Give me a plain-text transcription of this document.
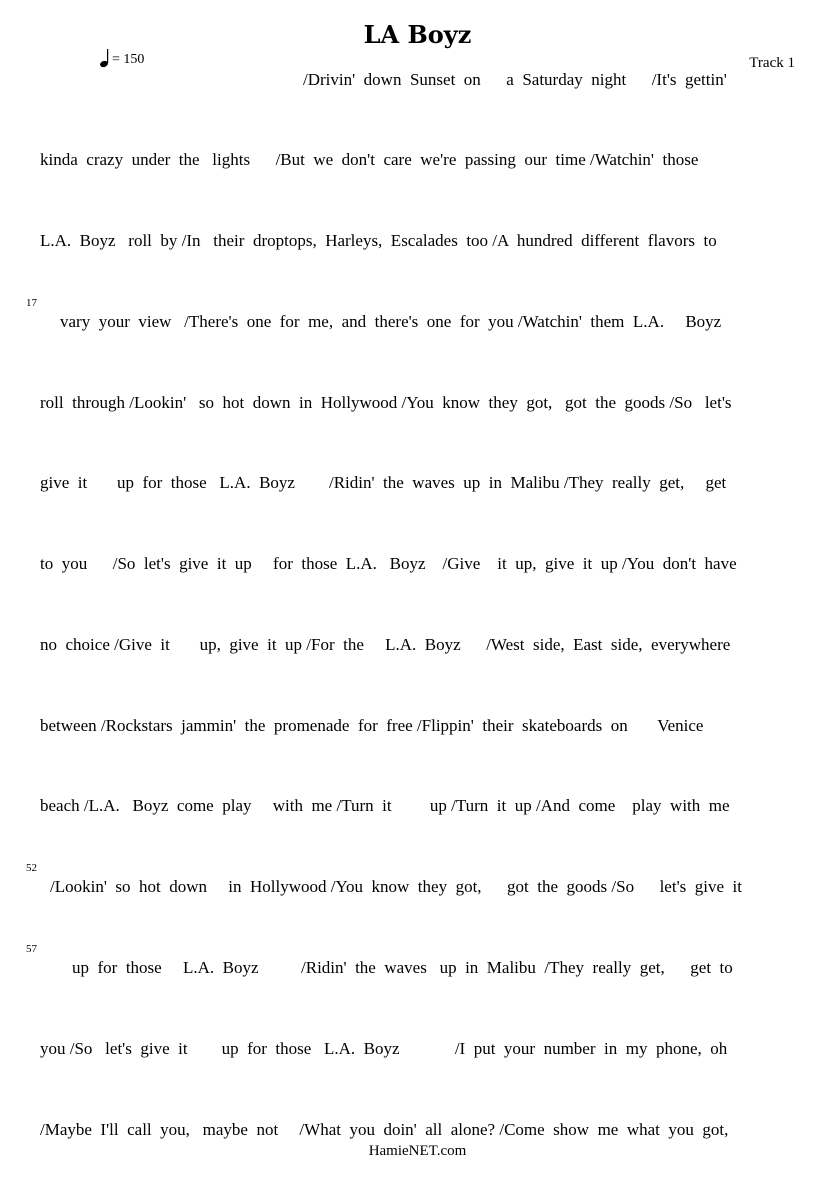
LA Boyz
= 150	Track 1
/Drivin'  down  Sunset  on      a  Saturday  night      /It's  gettin'
kinda  crazy  under  the   lights      /But  we  don't  care  we're  passing  our  time /Watchin'  those
L.A.  Boyz   roll  by /In   their  droptops,  Harleys,  Escalades  too /A  hundred  different  flavors  to
17
vary  your  view   /There's  one  for  me,  and  there's  one  for  you /Watchin'  them  L.A.     Boyz
roll  through /Lookin'   so  hot  down  in  Hollywood /You  know  they  got,   got  the  goods /So   let's
give  it       up  for  those   L.A.  Boyz        /Ridin'  the  waves  up  in  Malibu /They  really  get,     get
to  you      /So  let's  give  it  up     for  those  L.A.   Boyz    /Give    it  up,  give  it  up /You  don't  have
no  choice /Give  it       up,  give  it  up /For  the     L.A.  Boyz      /West  side,  East  side,  everywhere
between /Rockstars  jammin'  the  promenade  for  free /Flippin'  their  skateboards  on       Venice
beach /L.A.   Boyz  come  play     with  me /Turn  it         up /Turn  it  up /And  come    play  with  me
52
/Lookin'  so  hot  down     in  Hollywood /You  know  they  got,      got  the  goods /So      let's  give  it
57
up  for  those     L.A.  Boyz          /Ridin'  the  waves   up  in  Malibu  /They  really  get,      get  to
you /So   let's  give  it        up  for  those   L.A.  Boyz             /I  put  your  number  in  my  phone,  oh
/Maybe  I'll  call  you,   maybe  not     /What  you  doin'  all  alone? /Come  show  me  what  you  got,
HamieNET.com
